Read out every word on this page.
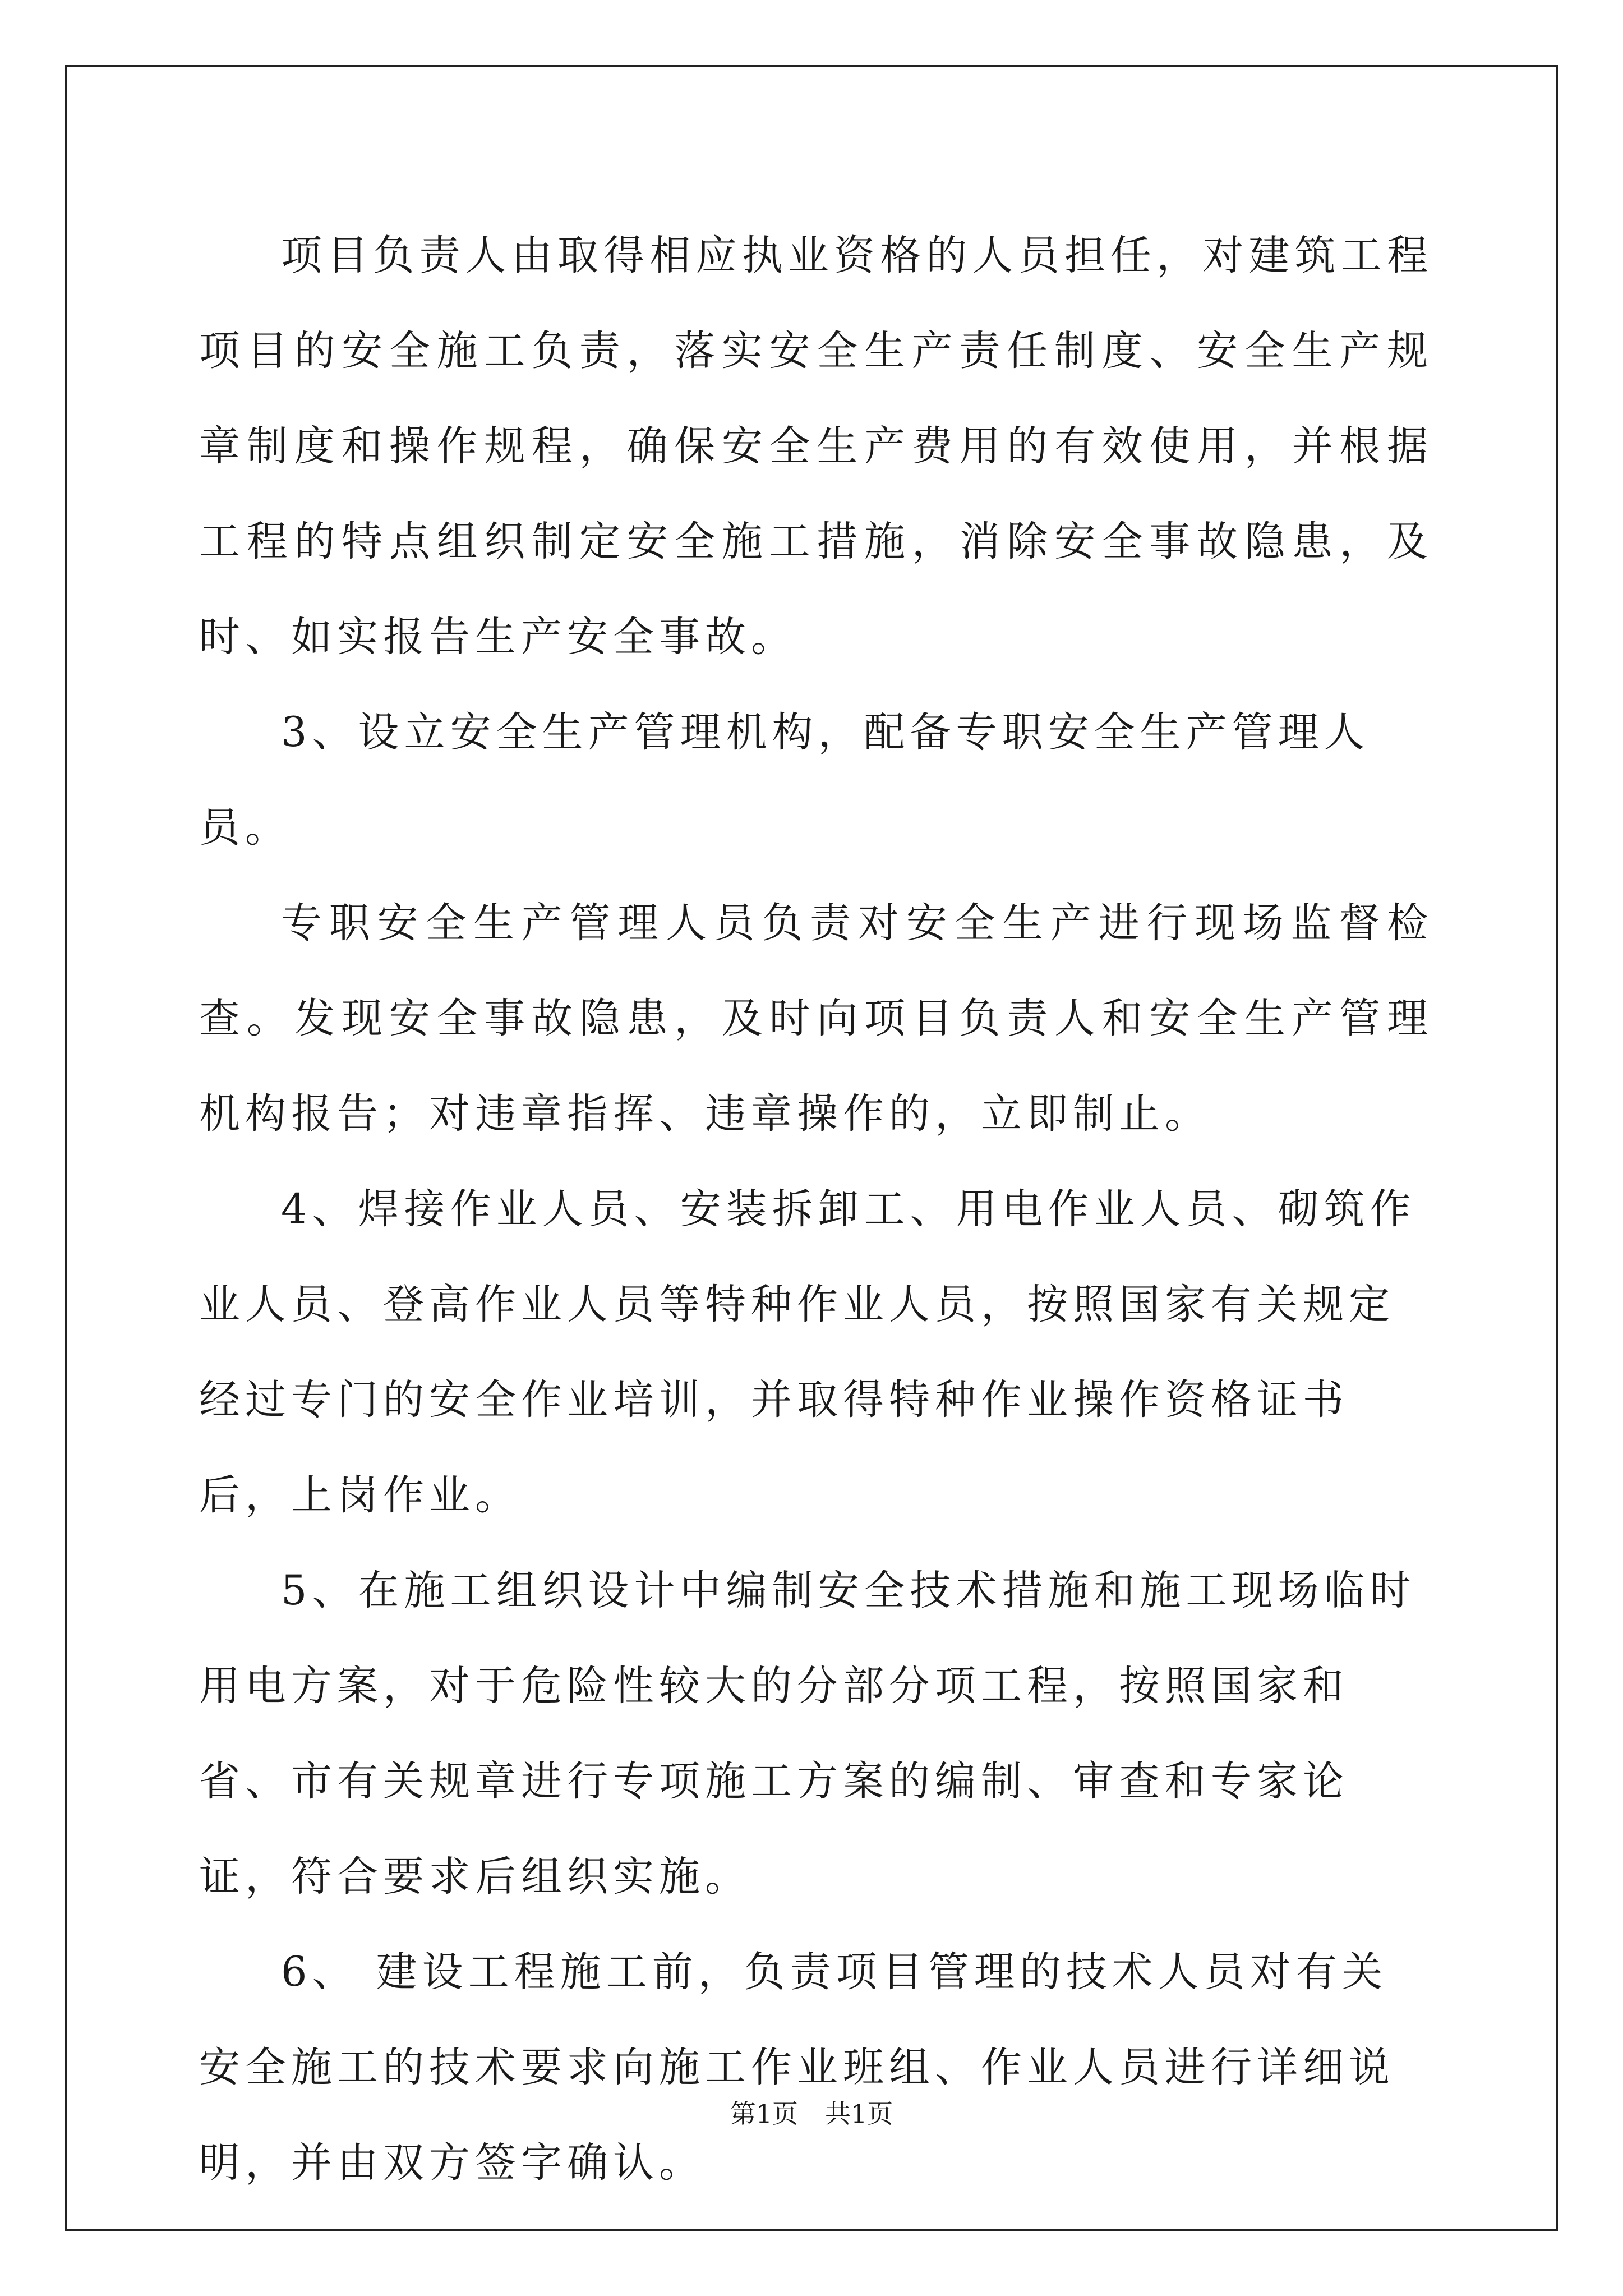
项目负责人由取得相应执业资格的人员担任，对建筑工程项目的安全施工负责，落实安全生产责任制度、安全生产规章制度和操作规程，确保安全生产费用的有效使用，并根据工程的特点组织制定安全施工措施，消除安全事故隐患，及时、如实报告生产安全事故。

3、设立安全生产管理机构，配备专职安全生产管理人员。

专职安全生产管理人员负责对安全生产进行现场监督检查。发现安全事故隐患，及时向项目负责人和安全生产管理机构报告；对违章指挥、违章操作的，立即制止。

4、焊接作业人员、安装拆卸工、用电作业人员、砌筑作业人员、登高作业人员等特种作业人员，按照国家有关规定经过专门的安全作业培训，并取得特种作业操作资格证书后，上岗作业。

5、在施工组织设计中编制安全技术措施和施工现场临时用电方案，对于危险性较大的分部分项工程，按照国家和省、市有关规章进行专项施工方案的编制、审查和专家论证，符合要求后组织实施。

6、 建设工程施工前，负责项目管理的技术人员对有关安全施工的技术要求向施工作业班组、作业人员进行详细说明，并由双方签字确认。

第1页 共1页
